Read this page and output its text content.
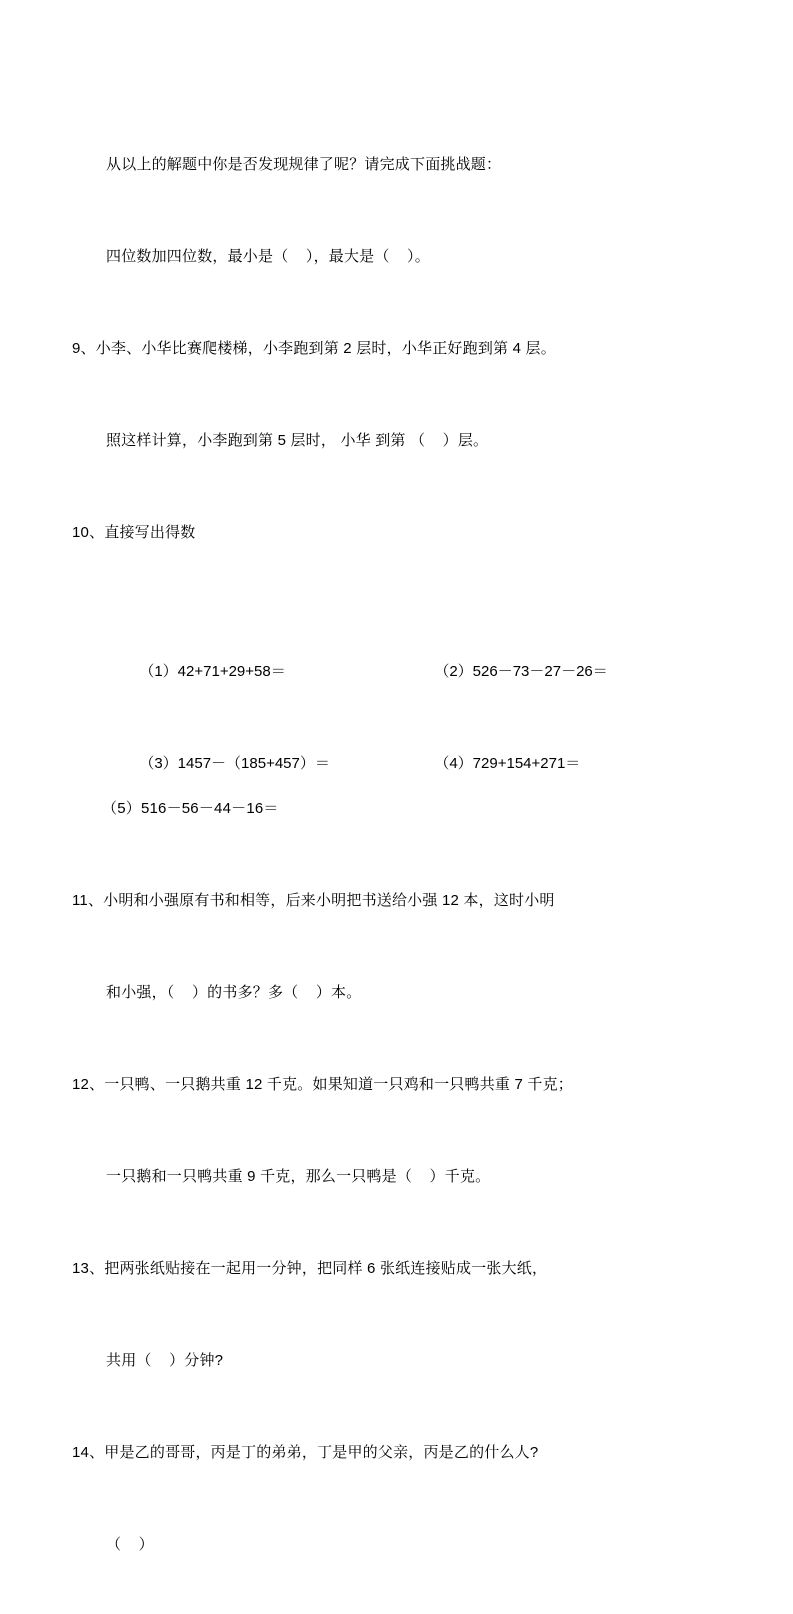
从以上的解题中你是否发现规律了呢？请完成下面挑战题：

四位数加四位数，最小是（    ），最大是（    ）。

9、小李、小华比赛爬楼梯，小李跑到第 2 层时，小华正好跑到第 4 层。

照这样计算，小李跑到第 5 层时， 小华 到第 （    ）层。

10、直接写出得数

（1）42+71+29+58＝	（2）526－73－27－26＝

（3）1457－（185+457）＝	（4）729+154+271＝

（5）516－56－44－16＝

11、小明和小强原有书和相等，后来小明把书送给小强 12 本，这时小明

和小强，（    ）的书多？多（    ）本。

12、一只鸭、一只鹅共重 12 千克。如果知道一只鸡和一只鸭共重 7 千克；

一只鹅和一只鸭共重 9 千克，那么一只鸭是（    ）千克。

13、把两张纸贴接在一起用一分钟，把同样 6 张纸连接贴成一张大纸，

共用（    ）分钟?

14、甲是乙的哥哥，丙是丁的弟弟，丁是甲的父亲，丙是乙的什么人?

（    ）
